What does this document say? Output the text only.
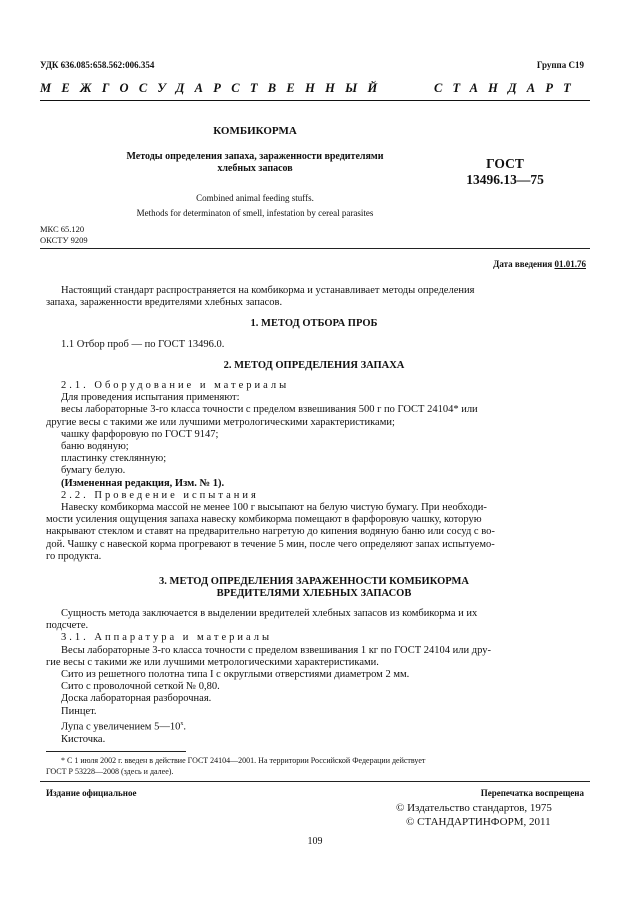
УДК 636.085:658.562:006.354	Группа С19
МЕЖГОСУДАРСТВЕННЫЙ	СТАНДАРТ
КОМБИКОРМА
Методы определения запаха, зараженности вредителями
хлебных запасов	ГОСТ
13496.13—75
Combined animal feeding stuffs.
Methods for determinaton of smell, infestation by cereal parasites
МКС 65.120
ОКСТУ 9209
Дата введения 01.01.76
Настоящий стандарт распространяется на комбикорма и устанавливает методы определения
запаха, зараженности вредителями хлебных запасов.
1. МЕТОД ОТБОРА ПРОБ
1.1 Отбор проб — по ГОСТ 13496.0.
2. МЕТОД ОПРЕДЕЛЕНИЯ ЗАПАХА
2.1. Оборудование и материалы
Для проведения испытания применяют:
весы лабораторные 3-го класса точности с пределом взвешивания 500 г по ГОСТ 24104* или
другие весы с такими же или лучшими метрологическими характеристиками;
чашку фарфоровую по ГОСТ 9147;
баню водяную;
пластинку стеклянную;
бумагу белую.
(Измененная редакция, Изм. № 1).
2.2. Проведение испытания
Навеску комбикорма массой не менее 100 г высыпают на белую чистую бумагу. При необходи-
мости усиления ощущения запаха навеску комбикорма помещают в фарфоровую чашку, которую
накрывают стеклом и ставят на предварительно нагретую до кипения водяную баню или сосуд с во-
дой. Чашку с навеской корма прогревают в течение 5 мин, после чего определяют запах испытуемо-
го продукта.
3. МЕТОД ОПРЕДЕЛЕНИЯ ЗАРАЖЕННОСТИ КОМБИКОРМА
ВРЕДИТЕЛЯМИ ХЛЕБНЫХ ЗАПАСОВ
Сущность метода заключается в выделении вредителей хлебных запасов из комбикорма и их
подсчете.
3.1. Аппаратура и материалы
Весы лабораторные 3-го класса точности с пределом взвешивания 1 кг по ГОСТ 24104 или дру-
гие весы с такими же или лучшими метрологическими характеристиками.
Сито из решетного полотна типа I с округлыми отверстиями диаметром 2 мм.
Сито с проволочной сеткой № 0,80.
Доска лабораторная разборочная.
Пинцет.
Лупа с увеличением $5—10^х$.
Кисточка.
* С 1 июля 2002 г. введен в действие ГОСТ 24104—2001. На территории Российской Федерации действует
ГОСТ Р 53228—2008 (здесь и далее).
Издание официальное	Перепечатка воспрещена
© Издательство стандартов, 1975
© СТАНДАРТИНФОРМ, 2011
109
